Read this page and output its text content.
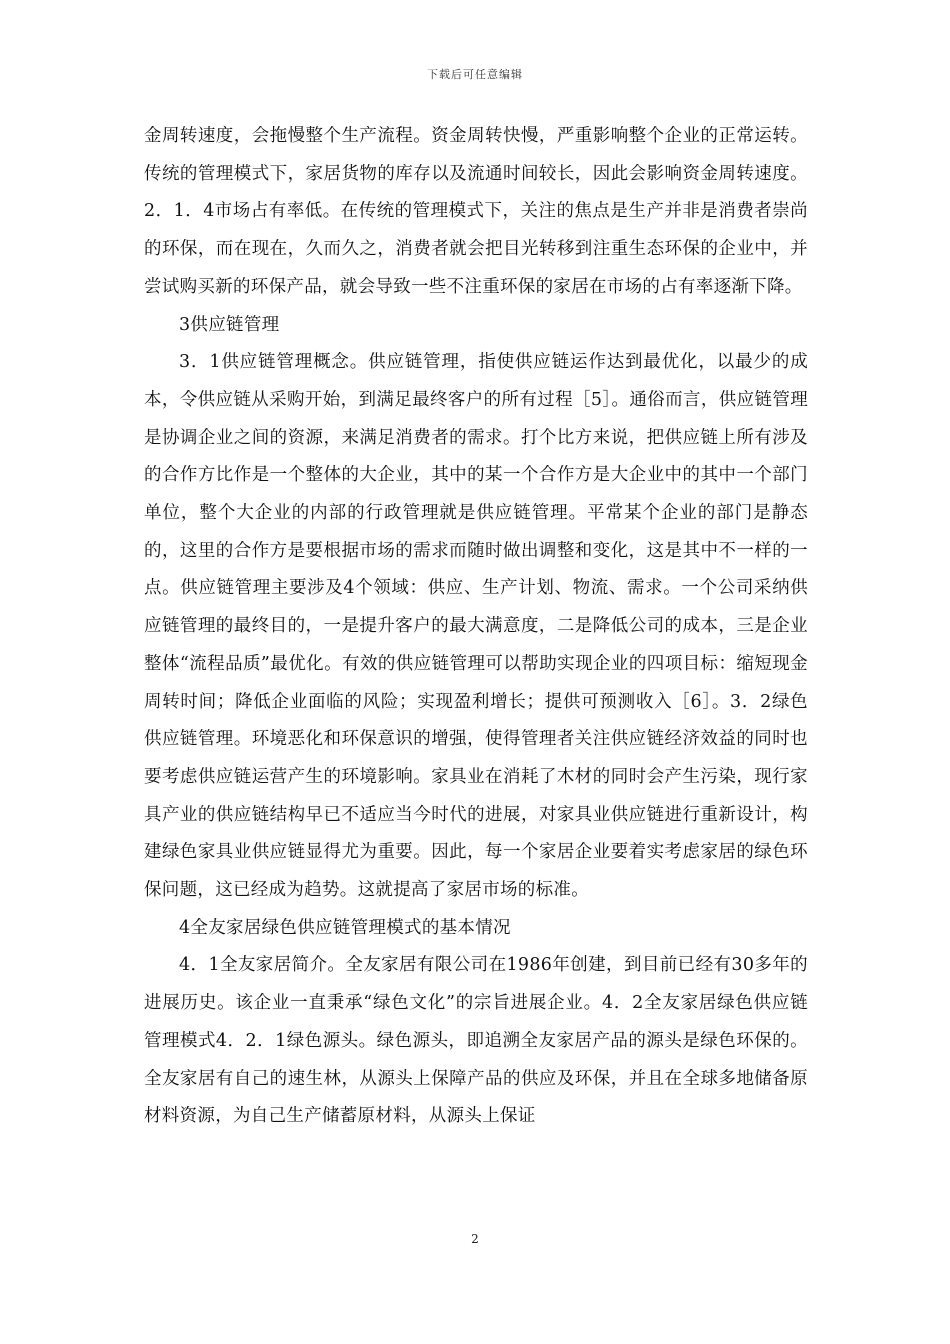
下载后可任意编辑

金周转速度，会拖慢整个生产流程。资金周转快慢，严重影响整个企业的正常运转。传统的管理模式下，家居货物的库存以及流通时间较长，因此会影响资金周转速度。2．1．4市场占有率低。在传统的管理模式下，关注的焦点是生产并非是消费者崇尚的环保，而在现在，久而久之，消费者就会把目光转移到注重生态环保的企业中，并尝试购买新的环保产品，就会导致一些不注重环保的家居在市场的占有率逐渐下降。

3供应链管理

3．1供应链管理概念。供应链管理，指使供应链运作达到最优化，以最少的成本，令供应链从采购开始，到满足最终客户的所有过程［5］。通俗而言，供应链管理是协调企业之间的资源，来满足消费者的需求。打个比方来说，把供应链上所有涉及的合作方比作是一个整体的大企业，其中的某一个合作方是大企业中的其中一个部门单位，整个大企业的内部的行政管理就是供应链管理。平常某个企业的部门是静态的，这里的合作方是要根据市场的需求而随时做出调整和变化，这是其中不一样的一点。供应链管理主要涉及4个领域：供应、生产计划、物流、需求。一个公司采纳供应链管理的最终目的，一是提升客户的最大满意度，二是降低公司的成本，三是企业整体“流程品质”最优化。有效的供应链管理可以帮助实现企业的四项目标：缩短现金周转时间；降低企业面临的风险；实现盈利增长；提供可预测收入［6］。3．2绿色供应链管理。环境恶化和环保意识的增强，使得管理者关注供应链经济效益的同时也要考虑供应链运营产生的环境影响。家具业在消耗了木材的同时会产生污染，现行家具产业的供应链结构早已不适应当今时代的进展，对家具业供应链进行重新设计，构建绿色家具业供应链显得尤为重要。因此，每一个家居企业要着实考虑家居的绿色环保问题，这已经成为趋势。这就提高了家居市场的标准。

4全友家居绿色供应链管理模式的基本情况

4．1全友家居简介。全友家居有限公司在1986年创建，到目前已经有30多年的进展历史。该企业一直秉承“绿色文化”的宗旨进展企业。4．2全友家居绿色供应链管理模式4．2．1绿色源头。绿色源头，即追溯全友家居产品的源头是绿色环保的。全友家居有自己的速生林，从源头上保障产品的供应及环保，并且在全球多地储备原材料资源，为自己生产储蓄原材料，从源头上保证

2
